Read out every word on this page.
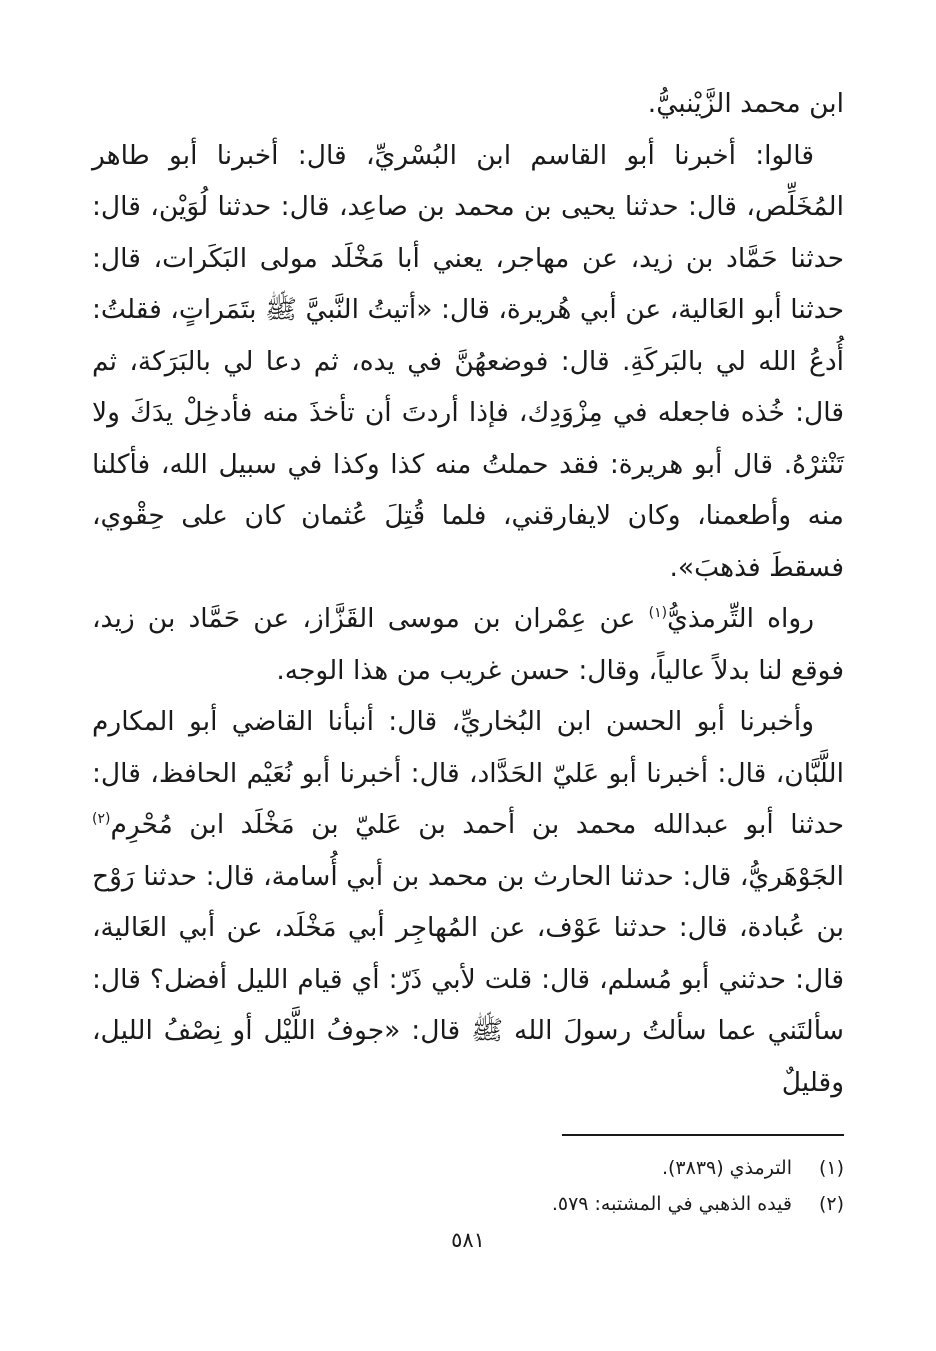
ابن محمد الزَّيْنبيُّ.

قالوا: أخبرنا أبو القاسم ابن البُسْريِّ، قال: أخبرنا أبو طاهر المُخَلِّص، قال: حدثنا يحيى بن محمد بن صاعِد، قال: حدثنا لُوَيْن، قال: حدثنا حَمَّاد بن زيد، عن مهاجر، يعني أبا مَخْلَد مولى البَكَرات، قال: حدثنا أبو العَالية، عن أبي هُريرة، قال: «أتيتُ النَّبيَّ ﷺ بتَمَراتٍ، فقلتُ: أُدعُ الله لي بالبَركَةِ. قال: فوضعهُنَّ في يده، ثم دعا لي بالبَرَكة، ثم قال: خُذه فاجعله في مِزْوَدِك، فإذا أردتَ أن تأخذَ منه فأدخِلْ يدَكَ ولا تَنْثرْهُ. قال أبو هريرة: فقد حملتُ منه كذا وكذا في سبيل الله، فأكلنا منه وأطعمنا، وكان لايفارقني، فلما قُتِلَ عُثمان كان على حِقْوي، فسقطَ فذهبَ».

رواه التِّرمذيُّ$^{(١)}$ عن عِمْران بن موسى القَزَّاز، عن حَمَّاد بن زيد، فوقع لنا بدلاً عالياً، وقال: حسن غريب من هذا الوجه.

وأخبرنا أبو الحسن ابن البُخاريِّ، قال: أنبأنا القاضي أبو المكارم اللَّبَّان، قال: أخبرنا أبو عَليّ الحَدَّاد، قال: أخبرنا أبو نُعَيْم الحافظ، قال: حدثنا أبو عبدالله محمد بن أحمد بن عَليّ بن مَخْلَد ابن مُحْرِم$^{(٢)}$ الجَوْهَريُّ، قال: حدثنا الحارث بن محمد بن أبي أُسامة، قال: حدثنا رَوْح بن عُبادة، قال: حدثنا عَوْف، عن المُهاجِر أبي مَخْلَد، عن أبي العَالية، قال: حدثني أبو مُسلم، قال: قلت لأبي ذَرّ: أي قيام الليل أفضل؟ قال: سألتَني عما سألتُ رسولَ الله ﷺ قال: «جوفُ اللَّيْل أو نِصْفُ الليل، وقليلٌ

(١)
الترمذي (٣٨٣٩).
(٢)
قيده الذهبي في المشتبه: ٥٧٩.
٥٨١
